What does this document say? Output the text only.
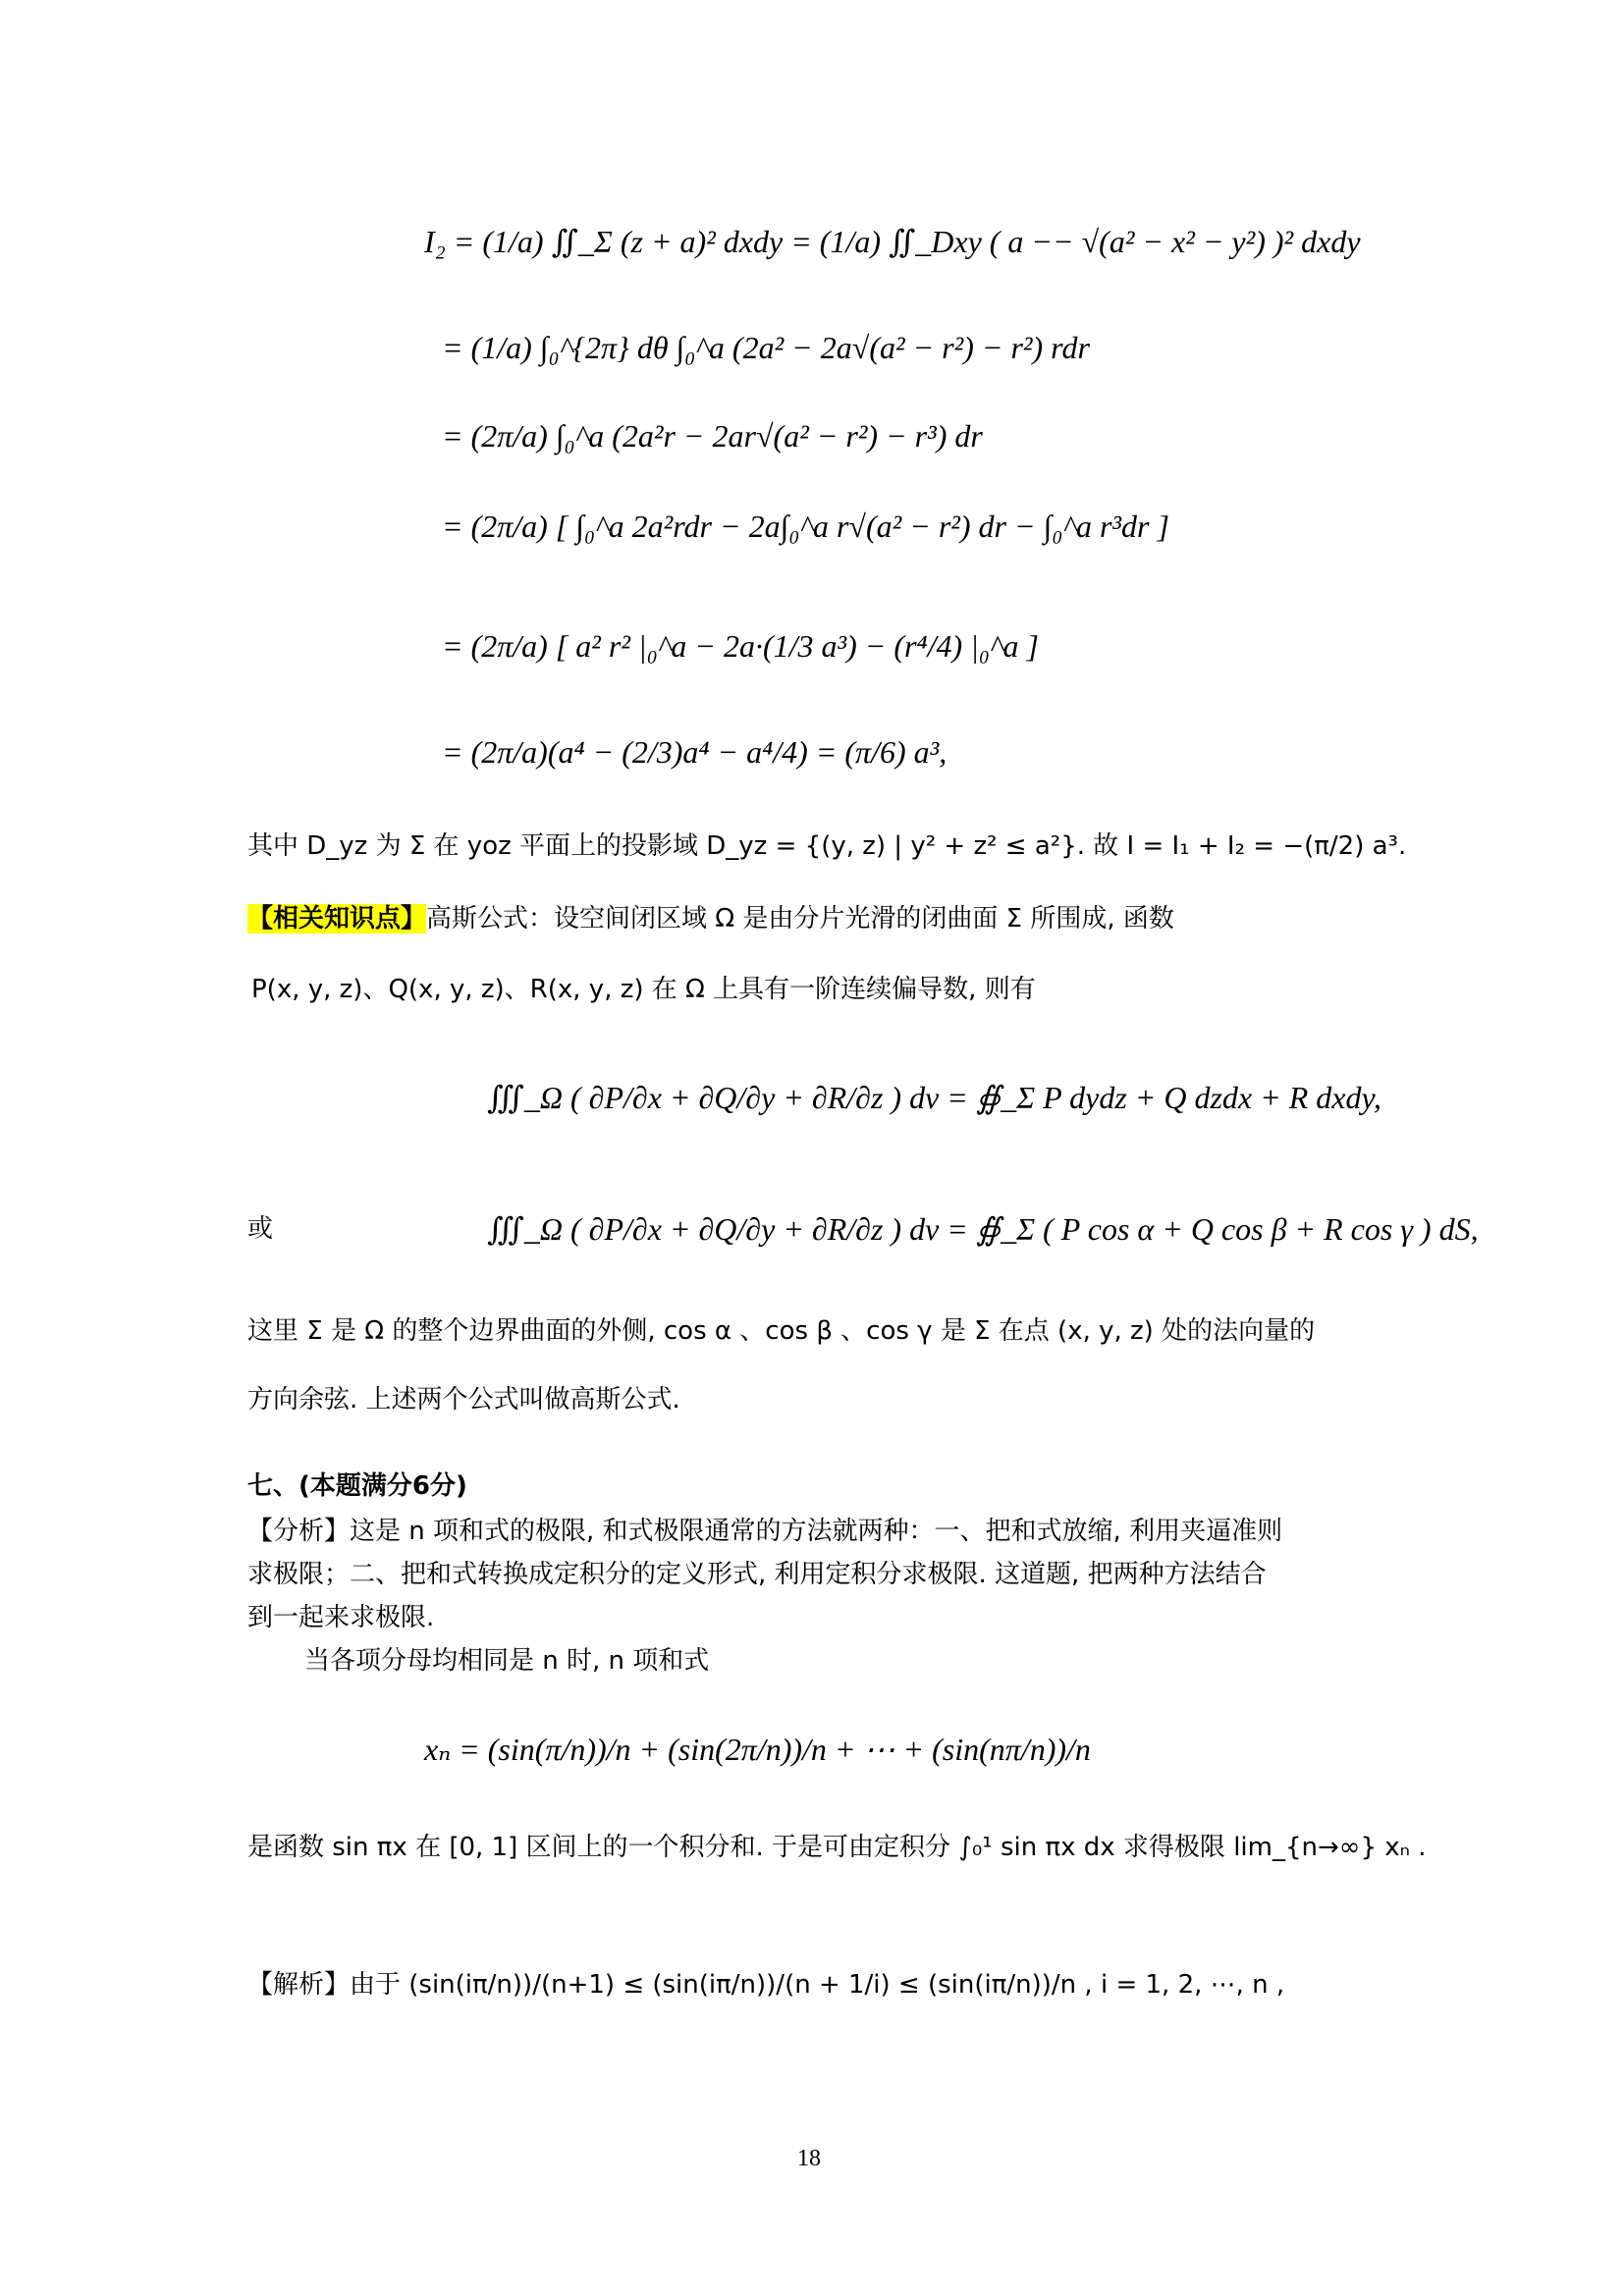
I₂ = (1/a) ∬_Σ (z + a)² dxdy = (1/a) ∬_Dxy ( a −− √(a² − x² − y²) )² dxdy
= (1/a) ∫₀^{2π} dθ ∫₀^a (2a² − 2a√(a² − r²) − r²) rdr
= (2π/a) ∫₀^a (2a²r − 2ar√(a² − r²) − r³) dr
= (2π/a) [ ∫₀^a 2a²rdr − 2a∫₀^a r√(a² − r²) dr − ∫₀^a r³dr ]
= (2π/a) [ a² r² |₀^a − 2a·(1/3 a³) − (r⁴/4) |₀^a ]
= (2π/a)(a⁴ − (2/3)a⁴ − a⁴/4) = (π/6) a³,
其中 D_yz 为 Σ 在 yoz 平面上的投影域 D_yz = {(y, z) | y² + z² ≤ a²}. 故 I = I₁ + I₂ = −(π/2) a³.
【相关知识点】高斯公式：设空间闭区域 Ω 是由分片光滑的闭曲面 Σ 所围成, 函数
P(x, y, z)、Q(x, y, z)、R(x, y, z) 在 Ω 上具有一阶连续偏导数, 则有
∭_Ω ( ∂P/∂x + ∂Q/∂y + ∂R/∂z ) dv = ∯_Σ P dydz + Q dzdx + R dxdy,
或	∭_Ω ( ∂P/∂x + ∂Q/∂y + ∂R/∂z ) dv = ∯_Σ ( P cos α + Q cos β + R cos γ ) dS,
这里 Σ 是 Ω 的整个边界曲面的外侧, cos α 、cos β 、cos γ 是 Σ 在点 (x, y, z) 处的法向量的
方向余弦. 上述两个公式叫做高斯公式.
七、(本题满分6分)
【分析】这是 n 项和式的极限, 和式极限通常的方法就两种：一、把和式放缩, 利用夹逼准则
求极限；二、把和式转换成定积分的定义形式, 利用定积分求极限. 这道题, 把两种方法结合
到一起来求极限.
当各项分母均相同是 n 时, n 项和式
xₙ = (sin(π/n))/n + (sin(2π/n))/n + ⋯ + (sin(nπ/n))/n
是函数 sin πx 在 [0, 1] 区间上的一个积分和. 于是可由定积分 ∫₀¹ sin πx dx 求得极限 lim_{n→∞} xₙ .
【解析】由于 (sin(iπ/n))/(n+1) ≤ (sin(iπ/n))/(n + 1/i) ≤ (sin(iπ/n))/n , i = 1, 2, ⋯, n ,
18
